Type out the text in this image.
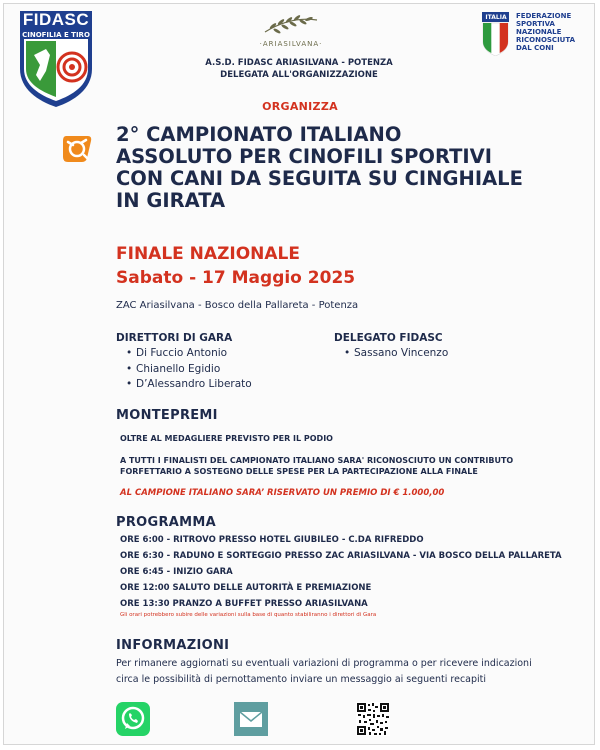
FIDASC
CINOFILIA E TIRO
·ARIASILVANA·
A.S.D. FIDASC ARIASILVANA - POTENZA
DELEGATA ALL'ORGANIZZAZIONE
ITALIA FEDERAZIONE
SPORTIVA NAZIONALE
RICONOSCIUTA
DAL CONI
ORGANIZZA
2° CAMPIONATO ITALIANO
ASSOLUTO PER CINOFILI SPORTIVI
CON CANI DA SEGUITA SU CINGHIALE
IN GIRATA
FINALE NAZIONALE
Sabato - 17 Maggio 2025
ZAC Ariasilvana - Bosco della Pallareta - Potenza
DIRETTORI DI GARA
• Di Fuccio Antonio
• Chianello Egidio
• D’Alessandro Liberato
DELEGATO FIDASC
• Sassano Vincenzo
MONTEPREMI
OLTRE AL MEDAGLIERE PREVISTO PER IL PODIO
A TUTTI I FINALISTI DEL CAMPIONATO ITALIANO SARA' RICONOSCIUTO UN CONTRIBUTO
FORFETTARIO A SOSTEGNO DELLE SPESE PER LA PARTECIPAZIONE ALLA FINALE
AL CAMPIONE ITALIANO SARA’ RISERVATO UN PREMIO DI € 1.000,00
PROGRAMMA
ORE 6:00 - RITROVO PRESSO HOTEL GIUBILEO - C.DA RIFREDDO
ORE 6:30 - RADUNO E SORTEGGIO PRESSO ZAC ARIASILVANA - VIA BOSCO DELLA PALLARETA
ORE 6:45 - INIZIO GARA
ORE 12:00 SALUTO DELLE AUTORITÀ E PREMIAZIONE
ORE 13:30 PRANZO A BUFFET PRESSO ARIASILVANA
Gli orari potrebbero subire delle variazioni sulla base di quanto stabiliranno i direttori di Gara
INFORMAZIONI
Per rimanere aggiornati su eventuali variazioni di programma o per ricevere indicazioni
circa le possibilità di pernottamento inviare un messaggio ai seguenti recapiti
